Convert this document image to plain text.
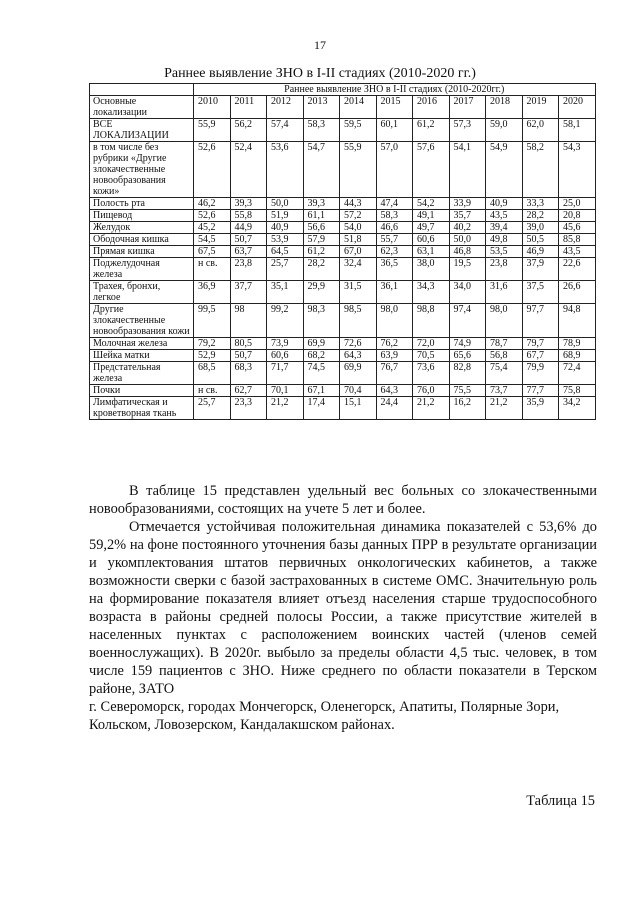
17
Раннее выявление ЗНО в I-II стадиях (2010-2020 гг.)
	Раннее выявление ЗНО в I-II стадиях (2010-2020гг.)										
Основные локализации	2010	2011	2012	2013	2014	2015	2016	2017	2018	2019	2020
ВСЕ ЛОКАЛИЗАЦИИ	55,9	56,2	57,4	58,3	59,5	60,1	61,2	57,3	59,0	62,0	58,1
в том числе без рубрики «Другие злокачественные новообразования кожи»	52,6	52,4	53,6	54,7	55,9	57,0	57,6	54,1	54,9	58,2	54,3
Полость рта	46,2	39,3	50,0	39,3	44,3	47,4	54,2	33,9	40,9	33,3	25,0
Пищевод	52,6	55,8	51,9	61,1	57,2	58,3	49,1	35,7	43,5	28,2	20,8
Желудок	45,2	44,9	40,9	56,6	54,0	46,6	49,7	40,2	39,4	39,0	45,6
Ободочная кишка	54,5	50,7	53,9	57,9	51,8	55,7	60,6	50,0	49,8	50,5	85,8
Прямая кишка	67,5	63,7	64,5	61,2	67,0	62,3	63,1	46,8	53,5	46,9	43,5
Поджелудочная железа	н св.	23,8	25,7	28,2	32,4	36,5	38,0	19,5	23,8	37,9	22,6
Трахея, бронхи, легкое	36,9	37,7	35,1	29,9	31,5	36,1	34,3	34,0	31,6	37,5	26,6
Другие злокачественные новообразования кожи	99,5	98	99,2	98,3	98,5	98,0	98,8	97,4	98,0	97,7	94,8
Молочная железа	79,2	80,5	73,9	69,9	72,6	76,2	72,0	74,9	78,7	79,7	78,9
Шейка матки	52,9	50,7	60,6	68,2	64,3	63,9	70,5	65,6	56,8	67,7	68,9
Предстательная железа	68,5	68,3	71,7	74,5	69,9	76,7	73,6	82,8	75,4	79,9	72,4
Почки	н св.	62,7	70,1	67,1	70,4	64,3	76,0	75,5	73,7	77,7	75,8
Лимфатическая и кроветворная ткань	25,7	23,3	21,2	17,4	15,1	24,4	21,2	16,2	21,2	35,9	34,2

В таблице 15 представлен удельный вес больных со злокачественными новообразованиями, состоящих на учете 5 лет и более.

Отмечается устойчивая положительная динамика показателей с 53,6% до 59,2% на фоне постоянного уточнения базы данных ПРР в результате организации и укомплектования штатов первичных онкологических кабинетов, а также возможности сверки с базой застрахованных в системе ОМС. Значительную роль на формирование показателя влияет отъезд населения старше трудоспособного возраста в районы средней полосы России, а также присутствие жителей в населенных пунктах с расположением воинских частей (членов семей военнослужащих). В 2020г. выбыло за пределы области 4,5 тыс. человек, в том числе 159 пациентов с ЗНО. Ниже среднего по области показатели в Терском районе, ЗАТО

г. Североморск, городах Мончегорск, Оленегорск, Апатиты, Полярные Зори, Кольском, Ловозерском, Кандалакшском районах.

Таблица 15
